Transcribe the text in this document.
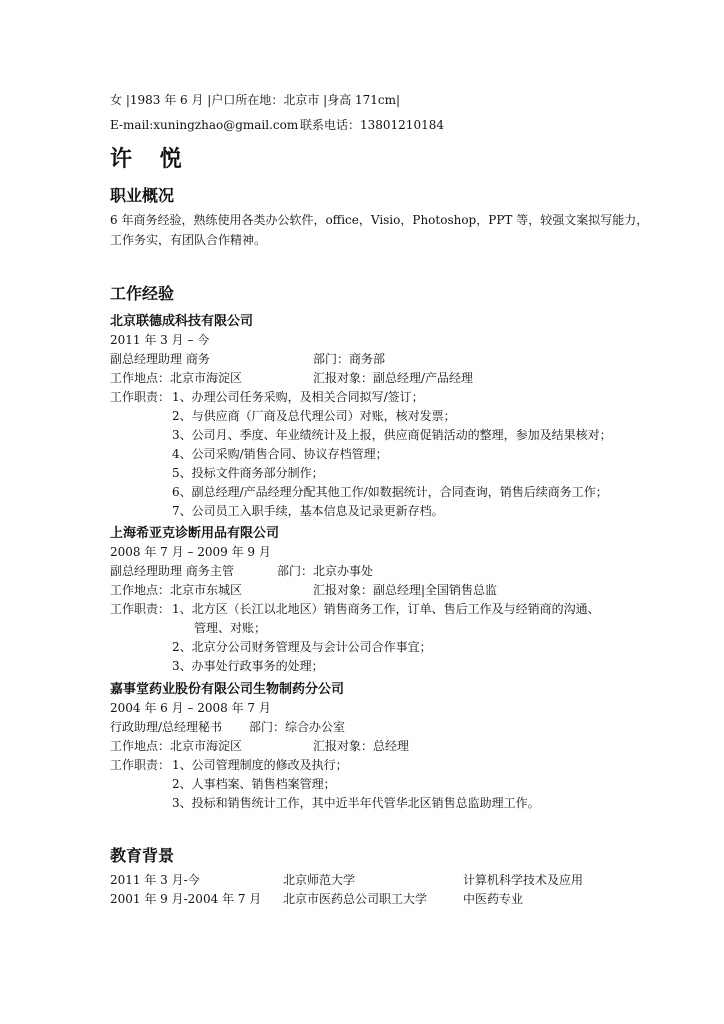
女 |1983 年 6 月 |户口所在地：北京市 |身高 171cm|
E-mail:xuningzhao@gmail.com 联系电话：13801210184
许 悦
职业概况
6 年商务经验，熟练使用各类办公软件，office，Visio，Photoshop，PPT 等，较强文案拟写能力，
工作务实，有团队合作精神。
工作经验
北京联德成科技有限公司
2011 年 3 月 – 今
副总经理助理 商务	部门：商务部
工作地点：北京市海淀区	汇报对象：副总经理/产品经理
工作职责： 1、办理公司任务采购，及相关合同拟写/签订；
2、与供应商（厂商及总代理公司）对账，核对发票；
3、公司月、季度、年业绩统计及上报，供应商促销活动的整理，参加及结果核对；
4、公司采购/销售合同、协议存档管理；
5、投标文件商务部分制作；
6、副总经理/产品经理分配其他工作/如数据统计，合同查询，销售后续商务工作；
7、公司员工入职手续，基本信息及记录更新存档。
上海希亚克诊断用品有限公司
2008 年 7 月 – 2009 年 9 月
副总经理助理 商务主管	部门：北京办事处
工作地点：北京市东城区	汇报对象：副总经理|全国销售总监
工作职责： 1、北方区（长江以北地区）销售商务工作，订单、售后工作及与经销商的沟通、
管理、对账；
2、北京分公司财务管理及与会计公司合作事宜；
3、办事处行政事务的处理；
嘉事堂药业股份有限公司生物制药分公司
2004 年 6 月 – 2008 年 7 月
行政助理/总经理秘书 部门：综合办公室
工作地点：北京市海淀区	汇报对象：总经理
工作职责： 1、公司管理制度的修改及执行；
2、人事档案、销售档案管理；
3、投标和销售统计工作，其中近半年代管华北区销售总监助理工作。
教育背景
2011 年 3 月-今	北京师范大学	计算机科学技术及应用
2001 年 9 月-2004 年 7 月 北京市医药总公司职工大学	中医药专业
